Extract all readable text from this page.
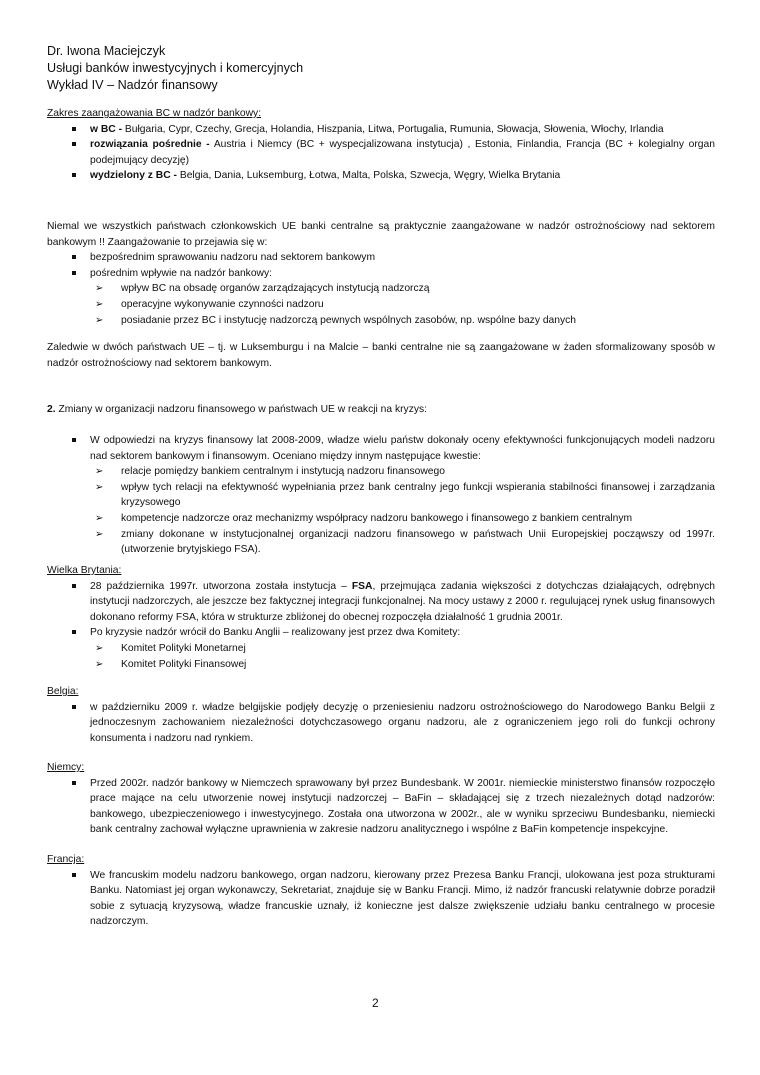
Dr. Iwona Maciejczyk
Usługi banków inwestycyjnych i komercyjnych
Wykład IV – Nadzór finansowy
Zakres zaangażowania BC w nadzór bankowy:
w BC - Bułgaria, Cypr, Czechy, Grecja, Holandia, Hiszpania, Litwa, Portugalia, Rumunia, Słowacja, Słowenia, Włochy, Irlandia
rozwiązania pośrednie - Austria i Niemcy (BC + wyspecjalizowana instytucja) , Estonia, Finlandia, Francja (BC + kolegialny organ podejmujący decyzję)
wydzielony z BC - Belgia, Dania, Luksemburg, Łotwa, Malta, Polska, Szwecja, Węgry, Wielka Brytania
Niemal we wszystkich państwach członkowskich UE banki centralne są praktycznie zaangażowane w nadzór ostrożnościowy nad sektorem bankowym !! Zaangażowanie to przejawia się w:
bezpośrednim sprawowaniu nadzoru nad sektorem bankowym
pośrednim wpływie na nadzór bankowy:
➢ wpływ BC na obsadę organów zarządzających instytucją nadzorczą
➢ operacyjne wykonywanie czynności nadzoru
➢ posiadanie przez BC i instytucję nadzorczą pewnych wspólnych zasobów, np. wspólne bazy danych
Zaledwie w dwóch państwach UE – tj. w Luksemburgu i na Malcie – banki centralne nie są zaangażowane w żaden sformalizowany sposób w nadzór ostrożnościowy nad sektorem bankowym.
2. Zmiany w organizacji nadzoru finansowego w państwach UE w reakcji na kryzys:
W odpowiedzi na kryzys finansowy lat 2008-2009, władze wielu państw dokonały oceny efektywności funkcjonujących modeli nadzoru nad sektorem bankowym i finansowym. Oceniano między innym następujące kwestie:
➢ relacje pomiędzy bankiem centralnym i instytucją nadzoru finansowego
➢ wpływ tych relacji na efektywność wypełniania przez bank centralny jego funkcji wspierania stabilności finansowej i zarządzania kryzysowego
➢ kompetencje nadzorcze oraz mechanizmy współpracy nadzoru bankowego i finansowego z bankiem centralnym
➢ zmiany dokonane w instytucjonalnej organizacji nadzoru finansowego w państwach Unii Europejskiej począwszy od 1997r. (utworzenie brytyjskiego FSA).
Wielka Brytania:
28 października 1997r. utworzona została instytucja – FSA, przejmująca zadania większości z dotychczas działających, odrębnych instytucji nadzorczych, ale jeszcze bez faktycznej integracji funkcjonalnej. Na mocy ustawy z 2000 r. regulującej rynek usług finansowych dokonano reformy FSA, która w strukturze zbliżonej do obecnej rozpoczęła działalność 1 grudnia 2001r.
Po kryzysie nadzór wrócił do Banku Anglii – realizowany jest przez dwa Komitety:
➢ Komitet Polityki Monetarnej
➢ Komitet Polityki Finansowej
Belgia:
w październiku 2009 r. władze belgijskie podjęły decyzję o przeniesieniu nadzoru ostrożnościowego do Narodowego Banku Belgii z jednoczesnym zachowaniem niezależności dotychczasowego organu nadzoru, ale z ograniczeniem jego roli do funkcji ochrony konsumenta i nadzoru nad rynkiem.
Niemcy:
Przed 2002r. nadzór bankowy w Niemczech sprawowany był przez Bundesbank. W 2001r. niemieckie ministerstwo finansów rozpoczęło prace mające na celu utworzenie nowej instytucji nadzorczej – BaFin – składającej się z trzech niezależnych dotąd nadzorów: bankowego, ubezpieczeniowego i inwestycyjnego. Została ona utworzona w 2002r., ale w wyniku sprzeciwu Bundesbanku, niemiecki bank centralny zachował wyłączne uprawnienia w zakresie nadzoru analitycznego i wspólne z BaFin kompetencje inspekcyjne.
Francja:
We francuskim modelu nadzoru bankowego, organ nadzoru, kierowany przez Prezesa Banku Francji, ulokowana jest poza strukturami Banku. Natomiast jej organ wykonawczy, Sekretariat, znajduje się w Banku Francji. Mimo, iż nadzór francuski relatywnie dobrze poradził sobie z sytuacją kryzysową, władze francuskie uznały, iż konieczne jest dalsze zwiększenie udziału banku centralnego w procesie nadzorczym.
2
